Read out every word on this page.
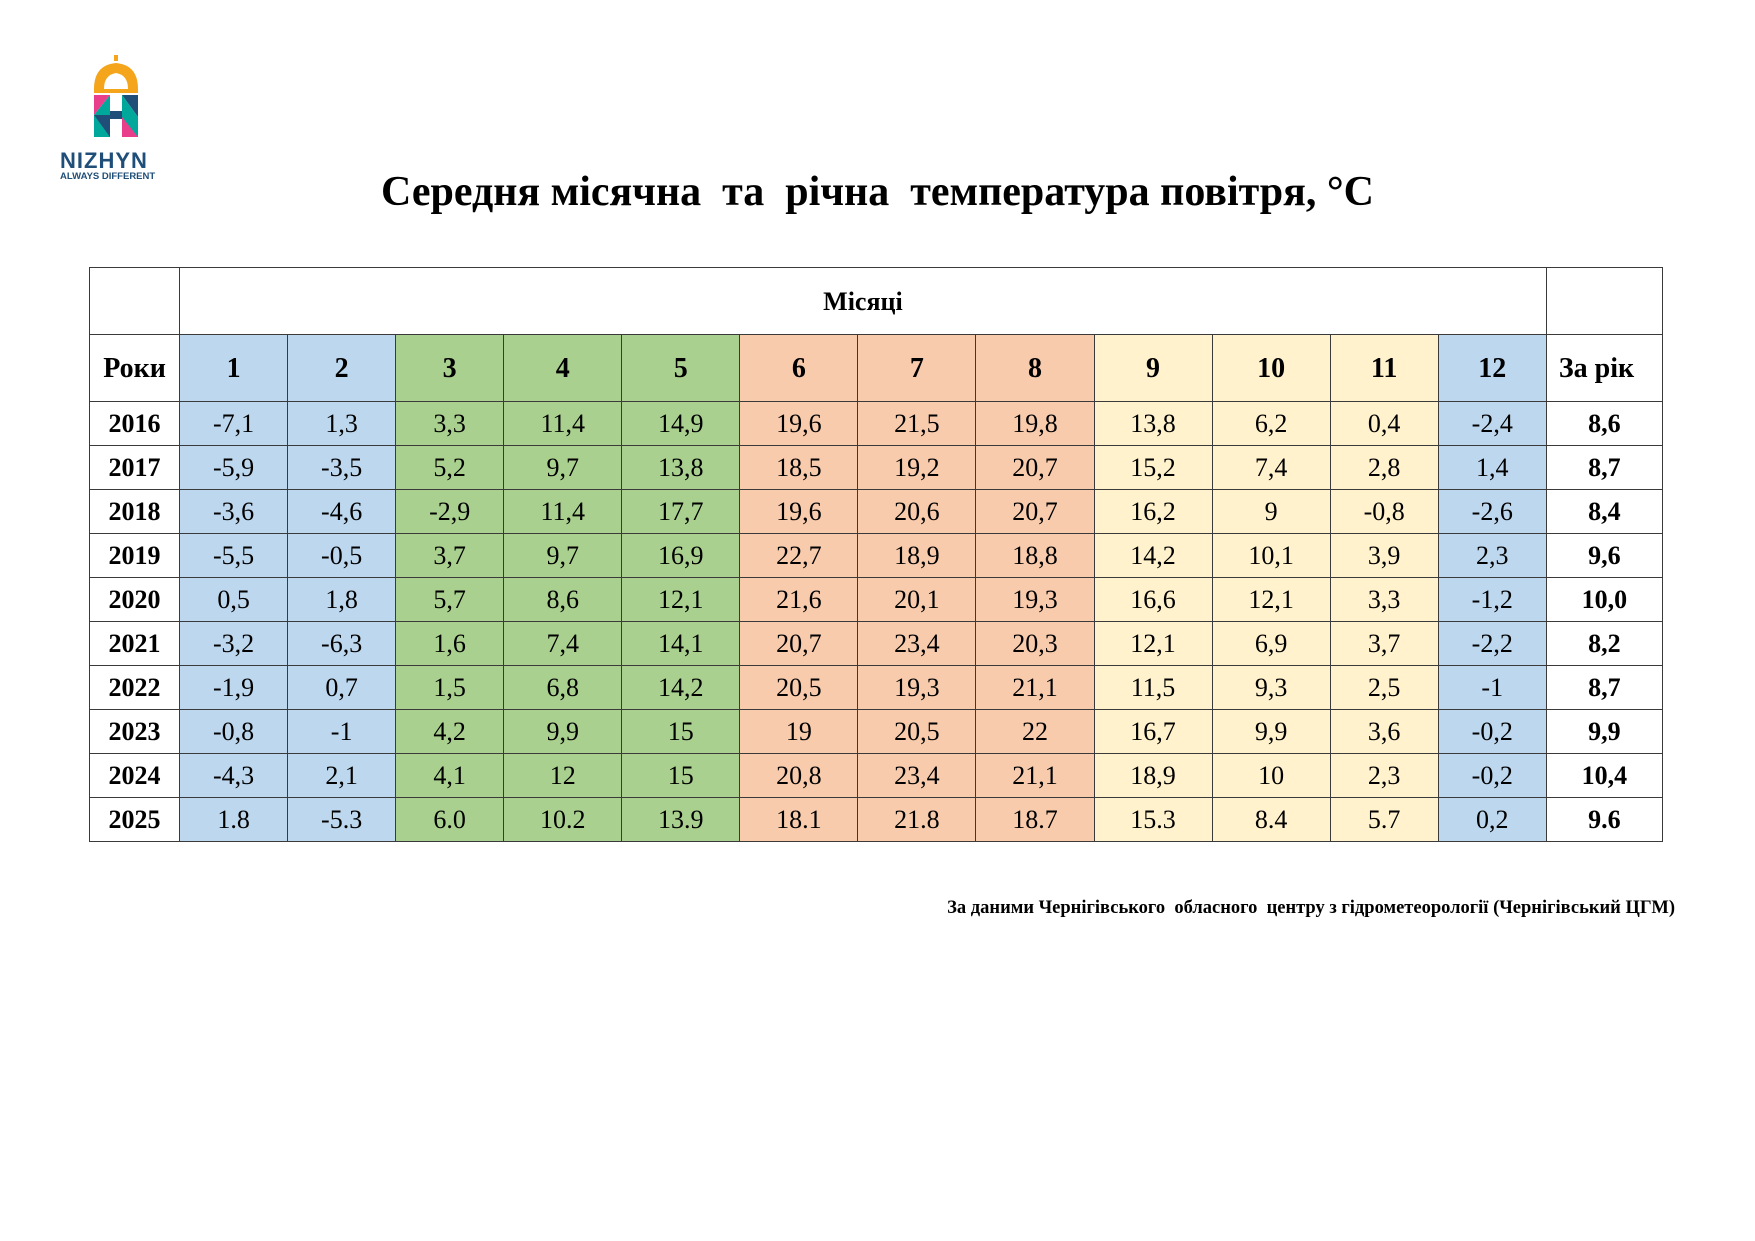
NIZHYN
ALWAYS DIFFERENT	Середня місячна  та  річна  температура повітря, °С
	Місяці												
Роки	1	2	3	4	5	6	7	8	9	10	11	12	За рік
2016	-7,1	1,3	3,3	11,4	14,9	19,6	21,5	19,8	13,8	6,2	0,4	-2,4	8,6
2017	-5,9	-3,5	5,2	9,7	13,8	18,5	19,2	20,7	15,2	7,4	2,8	1,4	8,7
2018	-3,6	-4,6	-2,9	11,4	17,7	19,6	20,6	20,7	16,2	9	-0,8	-2,6	8,4
2019	-5,5	-0,5	3,7	9,7	16,9	22,7	18,9	18,8	14,2	10,1	3,9	2,3	9,6
2020	0,5	1,8	5,7	8,6	12,1	21,6	20,1	19,3	16,6	12,1	3,3	-1,2	10,0
2021	-3,2	-6,3	1,6	7,4	14,1	20,7	23,4	20,3	12,1	6,9	3,7	-2,2	8,2
2022	-1,9	0,7	1,5	6,8	14,2	20,5	19,3	21,1	11,5	9,3	2,5	-1	8,7
2023	-0,8	-1	4,2	9,9	15	19	20,5	22	16,7	9,9	3,6	-0,2	9,9
2024	-4,3	2,1	4,1	12	15	20,8	23,4	21,1	18,9	10	2,3	-0,2	10,4
2025	1.8	-5.3	6.0	10.2	13.9	18.1	21.8	18.7	15.3	8.4	5.7	0,2	9.6
За даними Чернігівського  обласного  центру з гідрометеорології (Чернігівський ЦГМ)
